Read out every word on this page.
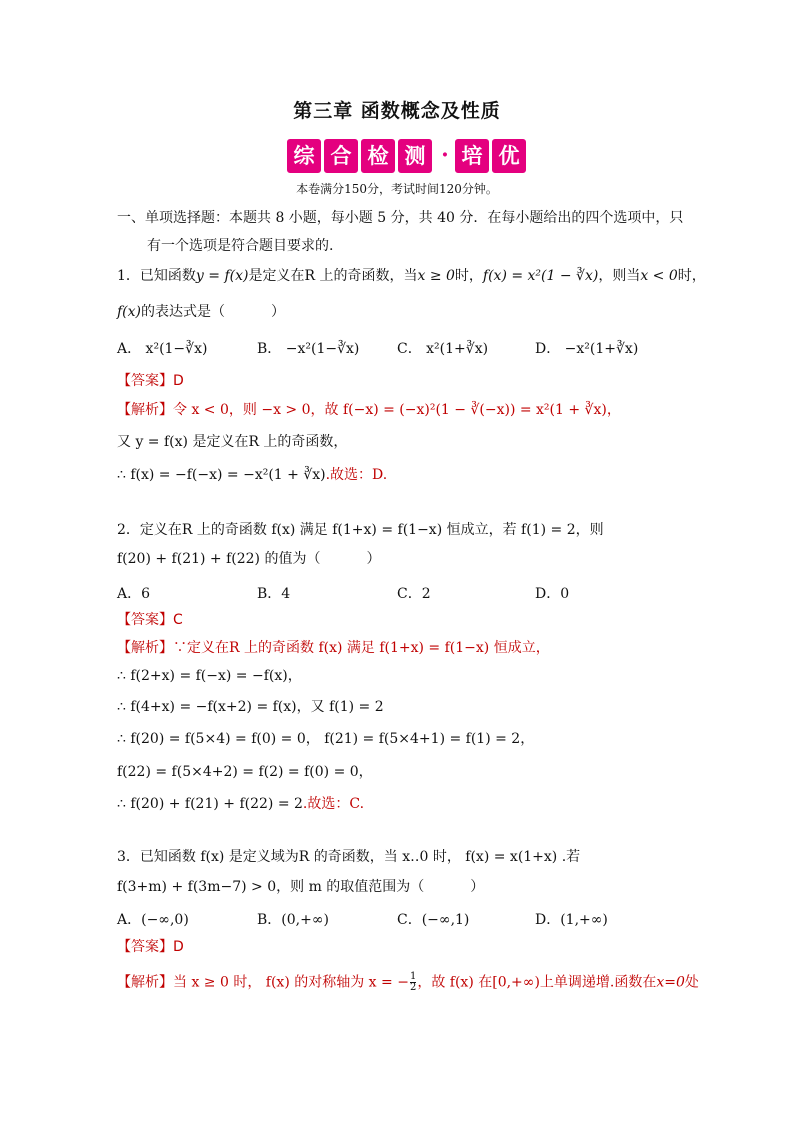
第三章 函数概念及性质
综 合 检 测 · 培 优
本卷满分150分，考试时间120分钟。
一、单项选择题：本题共 8 小题，每小题 5 分，共 40 分．在每小题给出的四个选项中，只
有一个选项是符合题目要求的.
1．已知函数y = f(x)是定义在R 上的奇函数，当x ≥ 0时，f(x) = x²(1 − ∛x)，则当x < 0时，
f(x)的表达式是（	）
A． x²(1−∛x)	B． −x²(1−∛x)	C． x²(1+∛x)	D． −x²(1+∛x)
【答案】D
【解析】令 x < 0，则 −x > 0，故 f(−x) = (−x)²(1 − ∛(−x)) = x²(1 + ∛x)，
又 y = f(x) 是定义在R 上的奇函数，
∴ f(x) = −f(−x) = −x²(1 + ∛x).故选：D.
2．定义在R 上的奇函数 f(x) 满足 f(1+x) = f(1−x) 恒成立，若 f(1) = 2，则
f(20) + f(21) + f(22) 的值为（	）
A．6	B．4	C．2	D．0
【答案】C
【解析】∵定义在R 上的奇函数 f(x) 满足 f(1+x) = f(1−x) 恒成立，
∴ f(2+x) = f(−x) = −f(x)，
∴ f(4+x) = −f(x+2) = f(x)，又 f(1) = 2
∴ f(20) = f(5×4) = f(0) = 0， f(21) = f(5×4+1) = f(1) = 2，
f(22) = f(5×4+2) = f(2) = f(0) = 0，
∴ f(20) + f(21) + f(22) = 2.故选：C.
3．已知函数 f(x) 是定义域为R 的奇函数，当 x‥0 时， f(x) = x(1+x) .若
f(3+m) + f(3m−7) > 0，则 m 的取值范围为（	）
A．(−∞,0)	B．(0,+∞)	C．(−∞,1)	D．(1,+∞)
【答案】D
【解析】当 x ≥ 0 时， f(x) 的对称轴为 x = − $\frac{1}{2}$ ，故 f(x) 在[0,+∞)上单调递增.函数在x=0处
